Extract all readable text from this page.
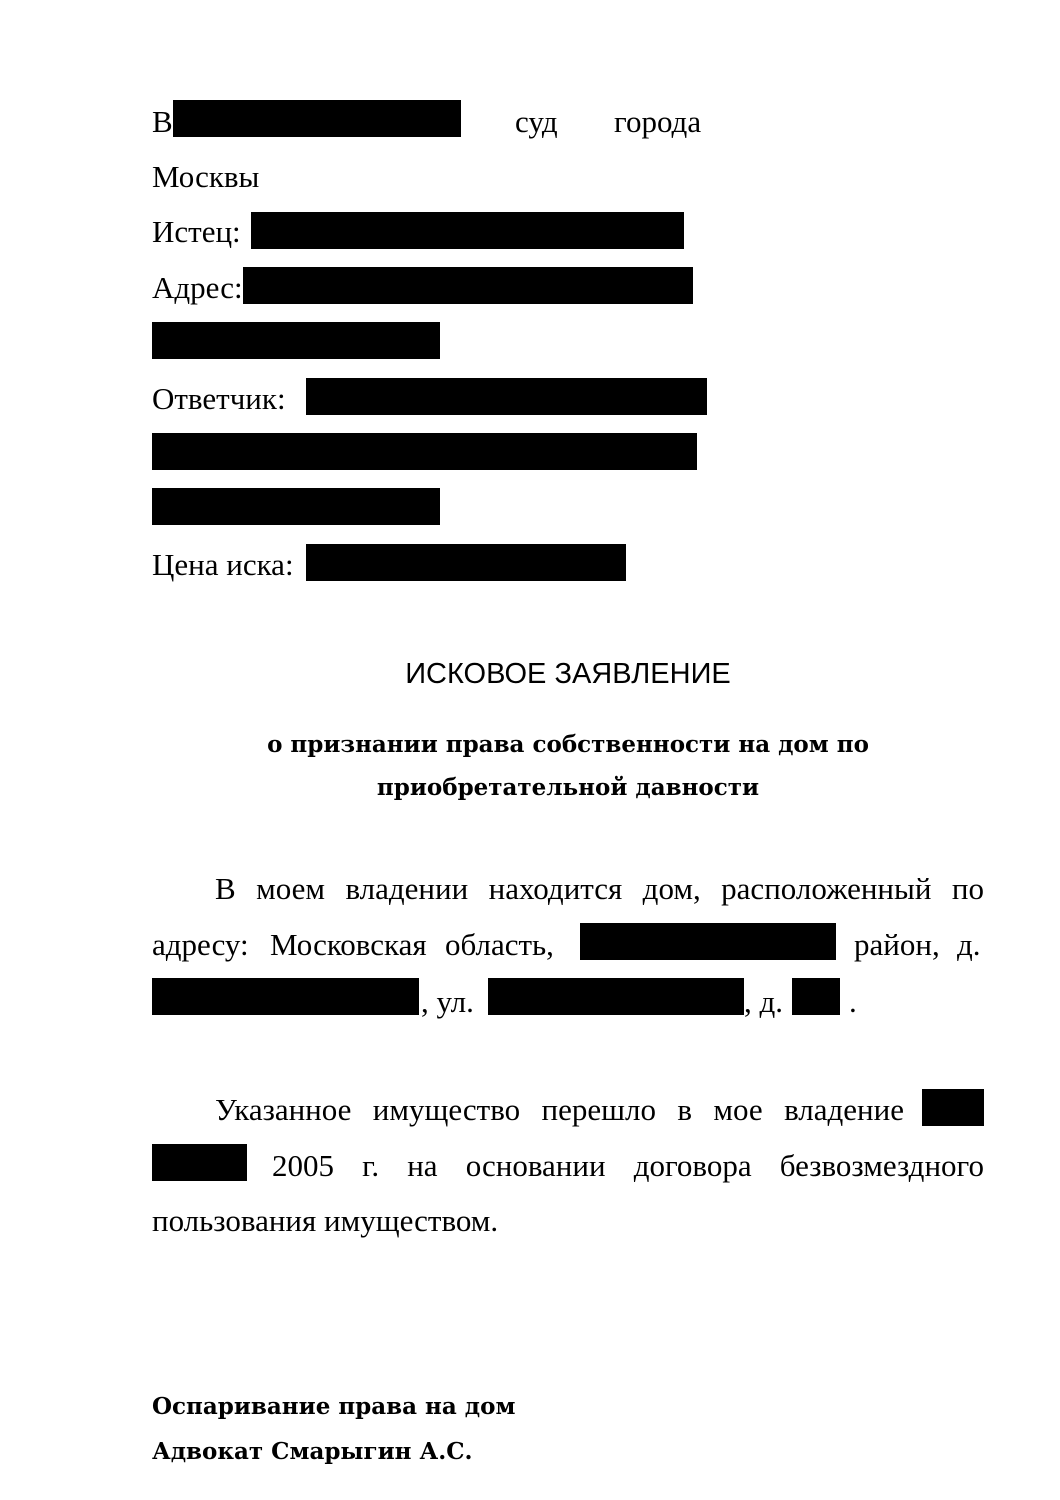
В	суд города
Москвы
Истец:
Адрес:
Ответчик:
Цена иска:
ИСКОВОЕ ЗАЯВЛЕНИЕ
о признании права собственности на дом по
приобретательной давности
В моем владении находится дом, расположенный по
адресу: Московская область,	район, д.
, ул.	, д. .
Указанное имущество перешло в мое владение
2005 г. на основании договора безвозмездного
пользования имуществом.
Оспаривание права на дом
Адвокат Смарыгин А.С.
